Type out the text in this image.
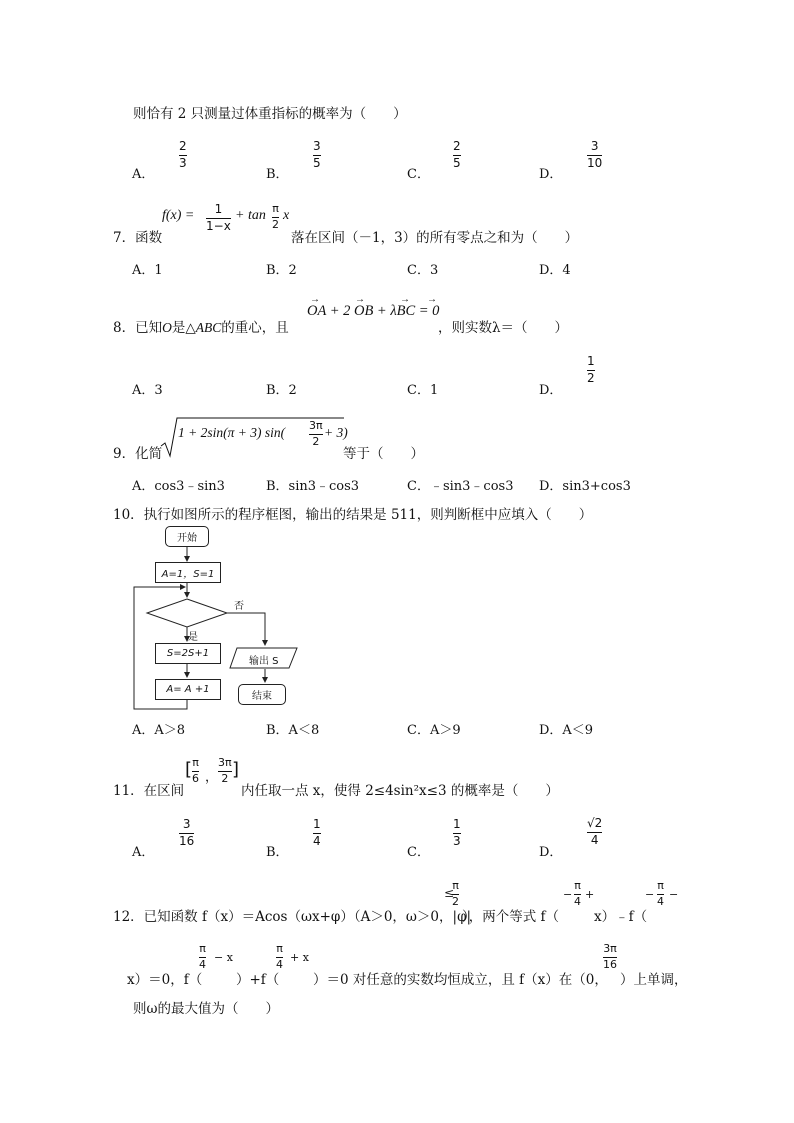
则恰有 2 只测量过体重指标的概率为（　　）
A．
2
3
B．
3
5
C．
2
5
D．
3
10
7．函数
f(x) = 1
1−x
+ tan π
2
x
落在区间（－1，3）的所有零点之和为（　　）
A．1	B．2	C．3	D．4
8．已知O是△ABC的重心，且
OA + 2 OB + λBC = 0
→	→	→ →
，则实数λ＝（　　）
A．3	B．2	C．1	D．
1
2
9．化简
1 + 2sin(π + 3) sin( 3π
2
+ 3)
等于（　　）
A．cos3﹣sin3	B．sin3﹣cos3	C．﹣sin3﹣cos3 D．sin3+cos3
10．执行如图所示的程序框图，输出的结果是 511，则判断框中应填入（　　）
开始
A=1，S=1
否
是
S=2S+1
A= A +1
输出 S
结束
A．A＞8	B．A＜8	C．A＞9	D．A＜9
11．在区间
[ π
6 ，
3π
2 ]
内任取一点 x，使得 2≤4sin²x≤3 的概率是（　　）
A．
3
16
B．
1
4
C．
1
3
D．
√2
4
12．已知函数 f（x）＝Acos（ωx+φ）（A＞0，ω＞0，|φ|
≤
π
2
），两个等式 f（
−
π
4
+
x）﹣f（
−
π
4
−
x）＝0，f（
π
4
− x
）+f（
π
4
+ x
）＝0 对任意的实数均恒成立，且 f（x）在（0，
3π
16
）上单调，
则ω的最大值为（　　）
